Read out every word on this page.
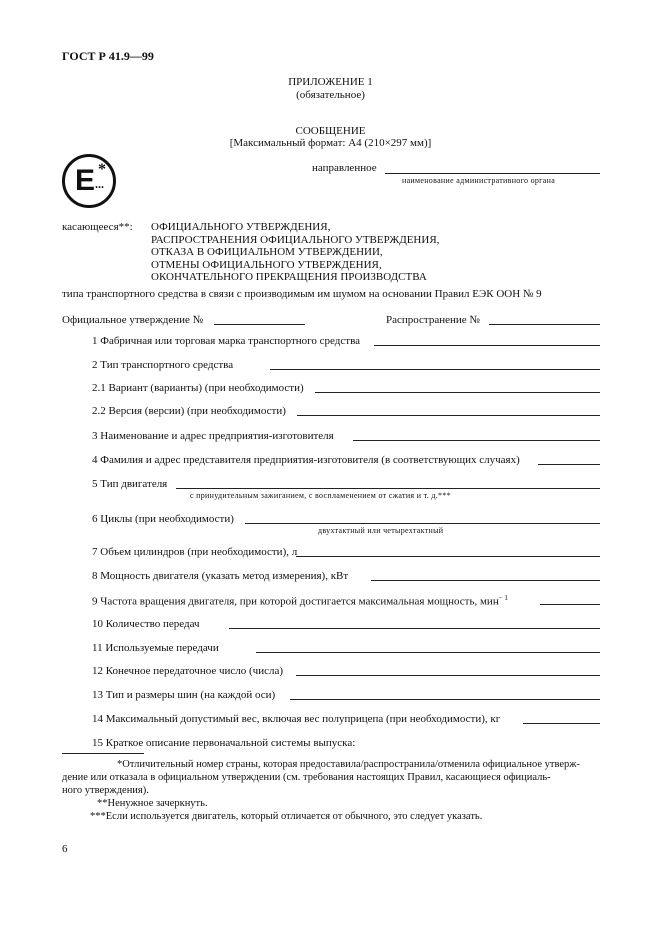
ГОСТ Р 41.9—99
ПРИЛОЖЕНИЕ 1
(обязательное)
СООБЩЕНИЕ
[Максимальный формат: А4 (210×297 мм)]
E ...
*	направленное
наименование административного органа
касающееся**: ОФИЦИАЛЬНОГО УТВЕРЖДЕНИЯ,
РАСПРОСТРАНЕНИЯ ОФИЦИАЛЬНОГО УТВЕРЖДЕНИЯ,
ОТКАЗА В ОФИЦИАЛЬНОМ УТВЕРЖДЕНИИ,
ОТМЕНЫ ОФИЦИАЛЬНОГО УТВЕРЖДЕНИЯ,
ОКОНЧАТЕЛЬНОГО ПРЕКРАЩЕНИЯ ПРОИЗВОДСТВА
типа транспортного средства в связи с производимым им шумом на основании Правил ЕЭК ООН № 9
Официальное утверждение №	Распространение №
1 Фабричная или торговая марка транспортного средства
2 Тип транспортного средства
2.1 Вариант (варианты) (при необходимости)
2.2 Версия (версии) (при необходимости)
3 Наименование и адрес предприятия-изготовителя
4 Фамилия и адрес представителя предприятия-изготовителя (в соответствующих случаях)
5 Тип двигателя
с принудительным зажиганием, с воспламенением от сжатия и т. д.***
6 Циклы (при необходимости)
двухтактный или четырехтактный
7 Объем цилиндров (при необходимости), л
8 Мощность двигателя (указать метод измерения), кВт
9 Частота вращения двигателя, при которой достигается максимальная мощность, мин$^{- 1}$
10 Количество передач
11 Используемые передачи
12 Конечное передаточное число (числа)
13 Тип и размеры шин (на каждой оси)
14 Максимальный допустимый вес, включая вес полуприцепа (при необходимости), кг
15 Краткое описание первоначальной системы выпуска:
*Отличительный номер страны, которая предоставила/распространила/отменила официальное утверж-
дение или отказала в официальном утверждении (см. требования настоящих Правил, касающиеся официаль-
ного утверждения).
**Ненужное зачеркнуть.
***Если используется двигатель, который отличается от обычного, это следует указать.
6
